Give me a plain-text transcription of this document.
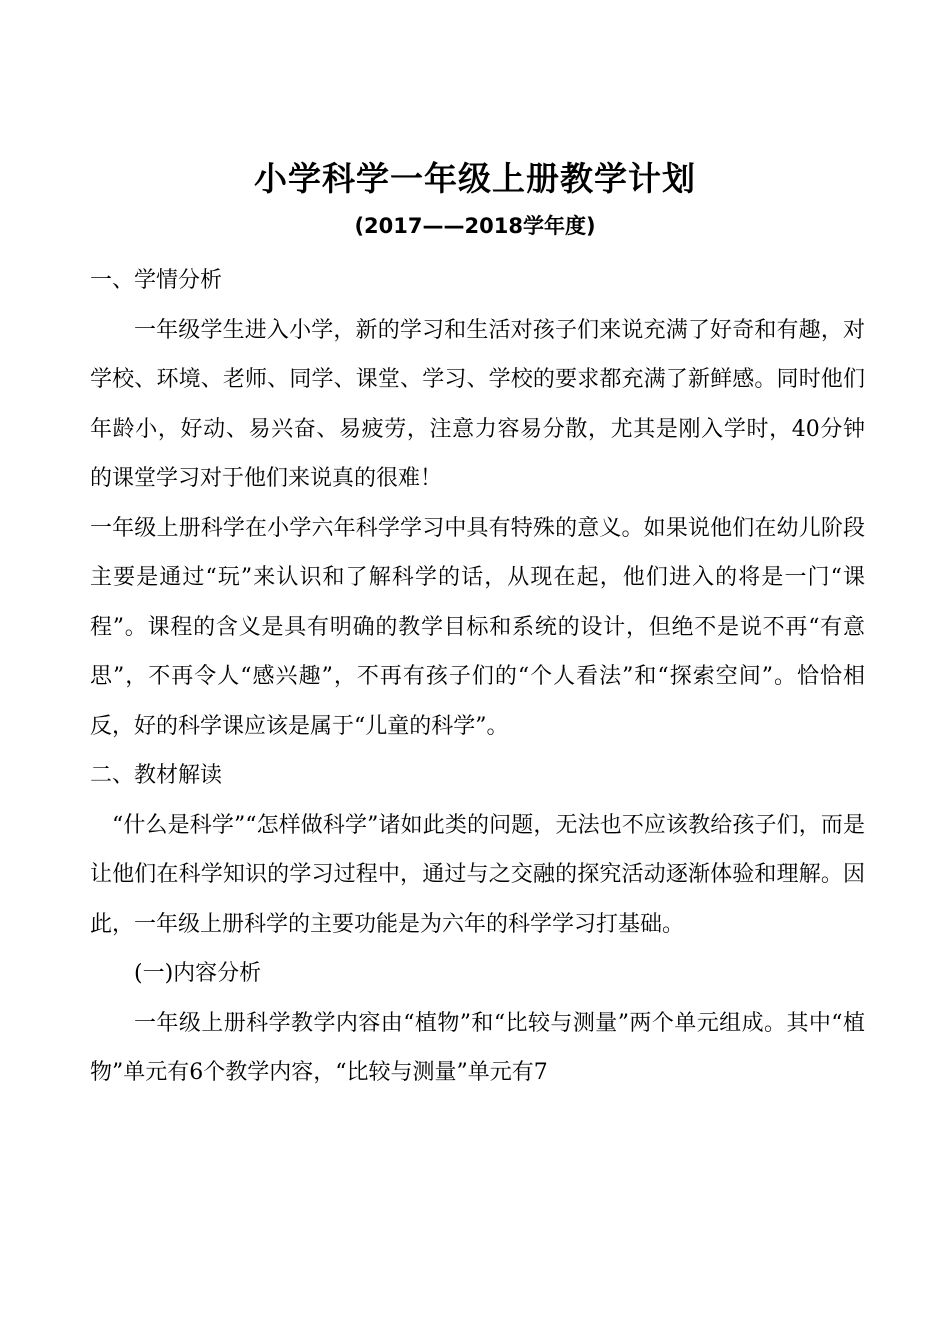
小学科学一年级上册教学计划
(2017——2018学年度)

一、学情分析

一年级学生进入小学，新的学习和生活对孩子们来说充满了好奇和有趣，对学校、环境、老师、同学、课堂、学习、学校的要求都充满了新鲜感。同时他们年龄小，好动、易兴奋、易疲劳，注意力容易分散，尤其是刚入学时，40分钟的课堂学习对于他们来说真的很难！

一年级上册科学在小学六年科学学习中具有特殊的意义。如果说他们在幼儿阶段主要是通过“玩”来认识和了解科学的话，从现在起，他们进入的将是一门“课程”。课程的含义是具有明确的教学目标和系统的设计，但绝不是说不再“有意思”，不再令人“感兴趣”，不再有孩子们的“个人看法”和“探索空间”。恰恰相反，好的科学课应该是属于“儿童的科学”。

二、教材解读

“什么是科学”“怎样做科学”诸如此类的问题，无法也不应该教给孩子们，而是让他们在科学知识的学习过程中，通过与之交融的探究活动逐渐体验和理解。因此，一年级上册科学的主要功能是为六年的科学学习打基础。

(一)内容分析

一年级上册科学教学内容由“植物”和“比较与测量”两个单元组成。其中“植物”单元有6个教学内容，“比较与测量”单元有7
